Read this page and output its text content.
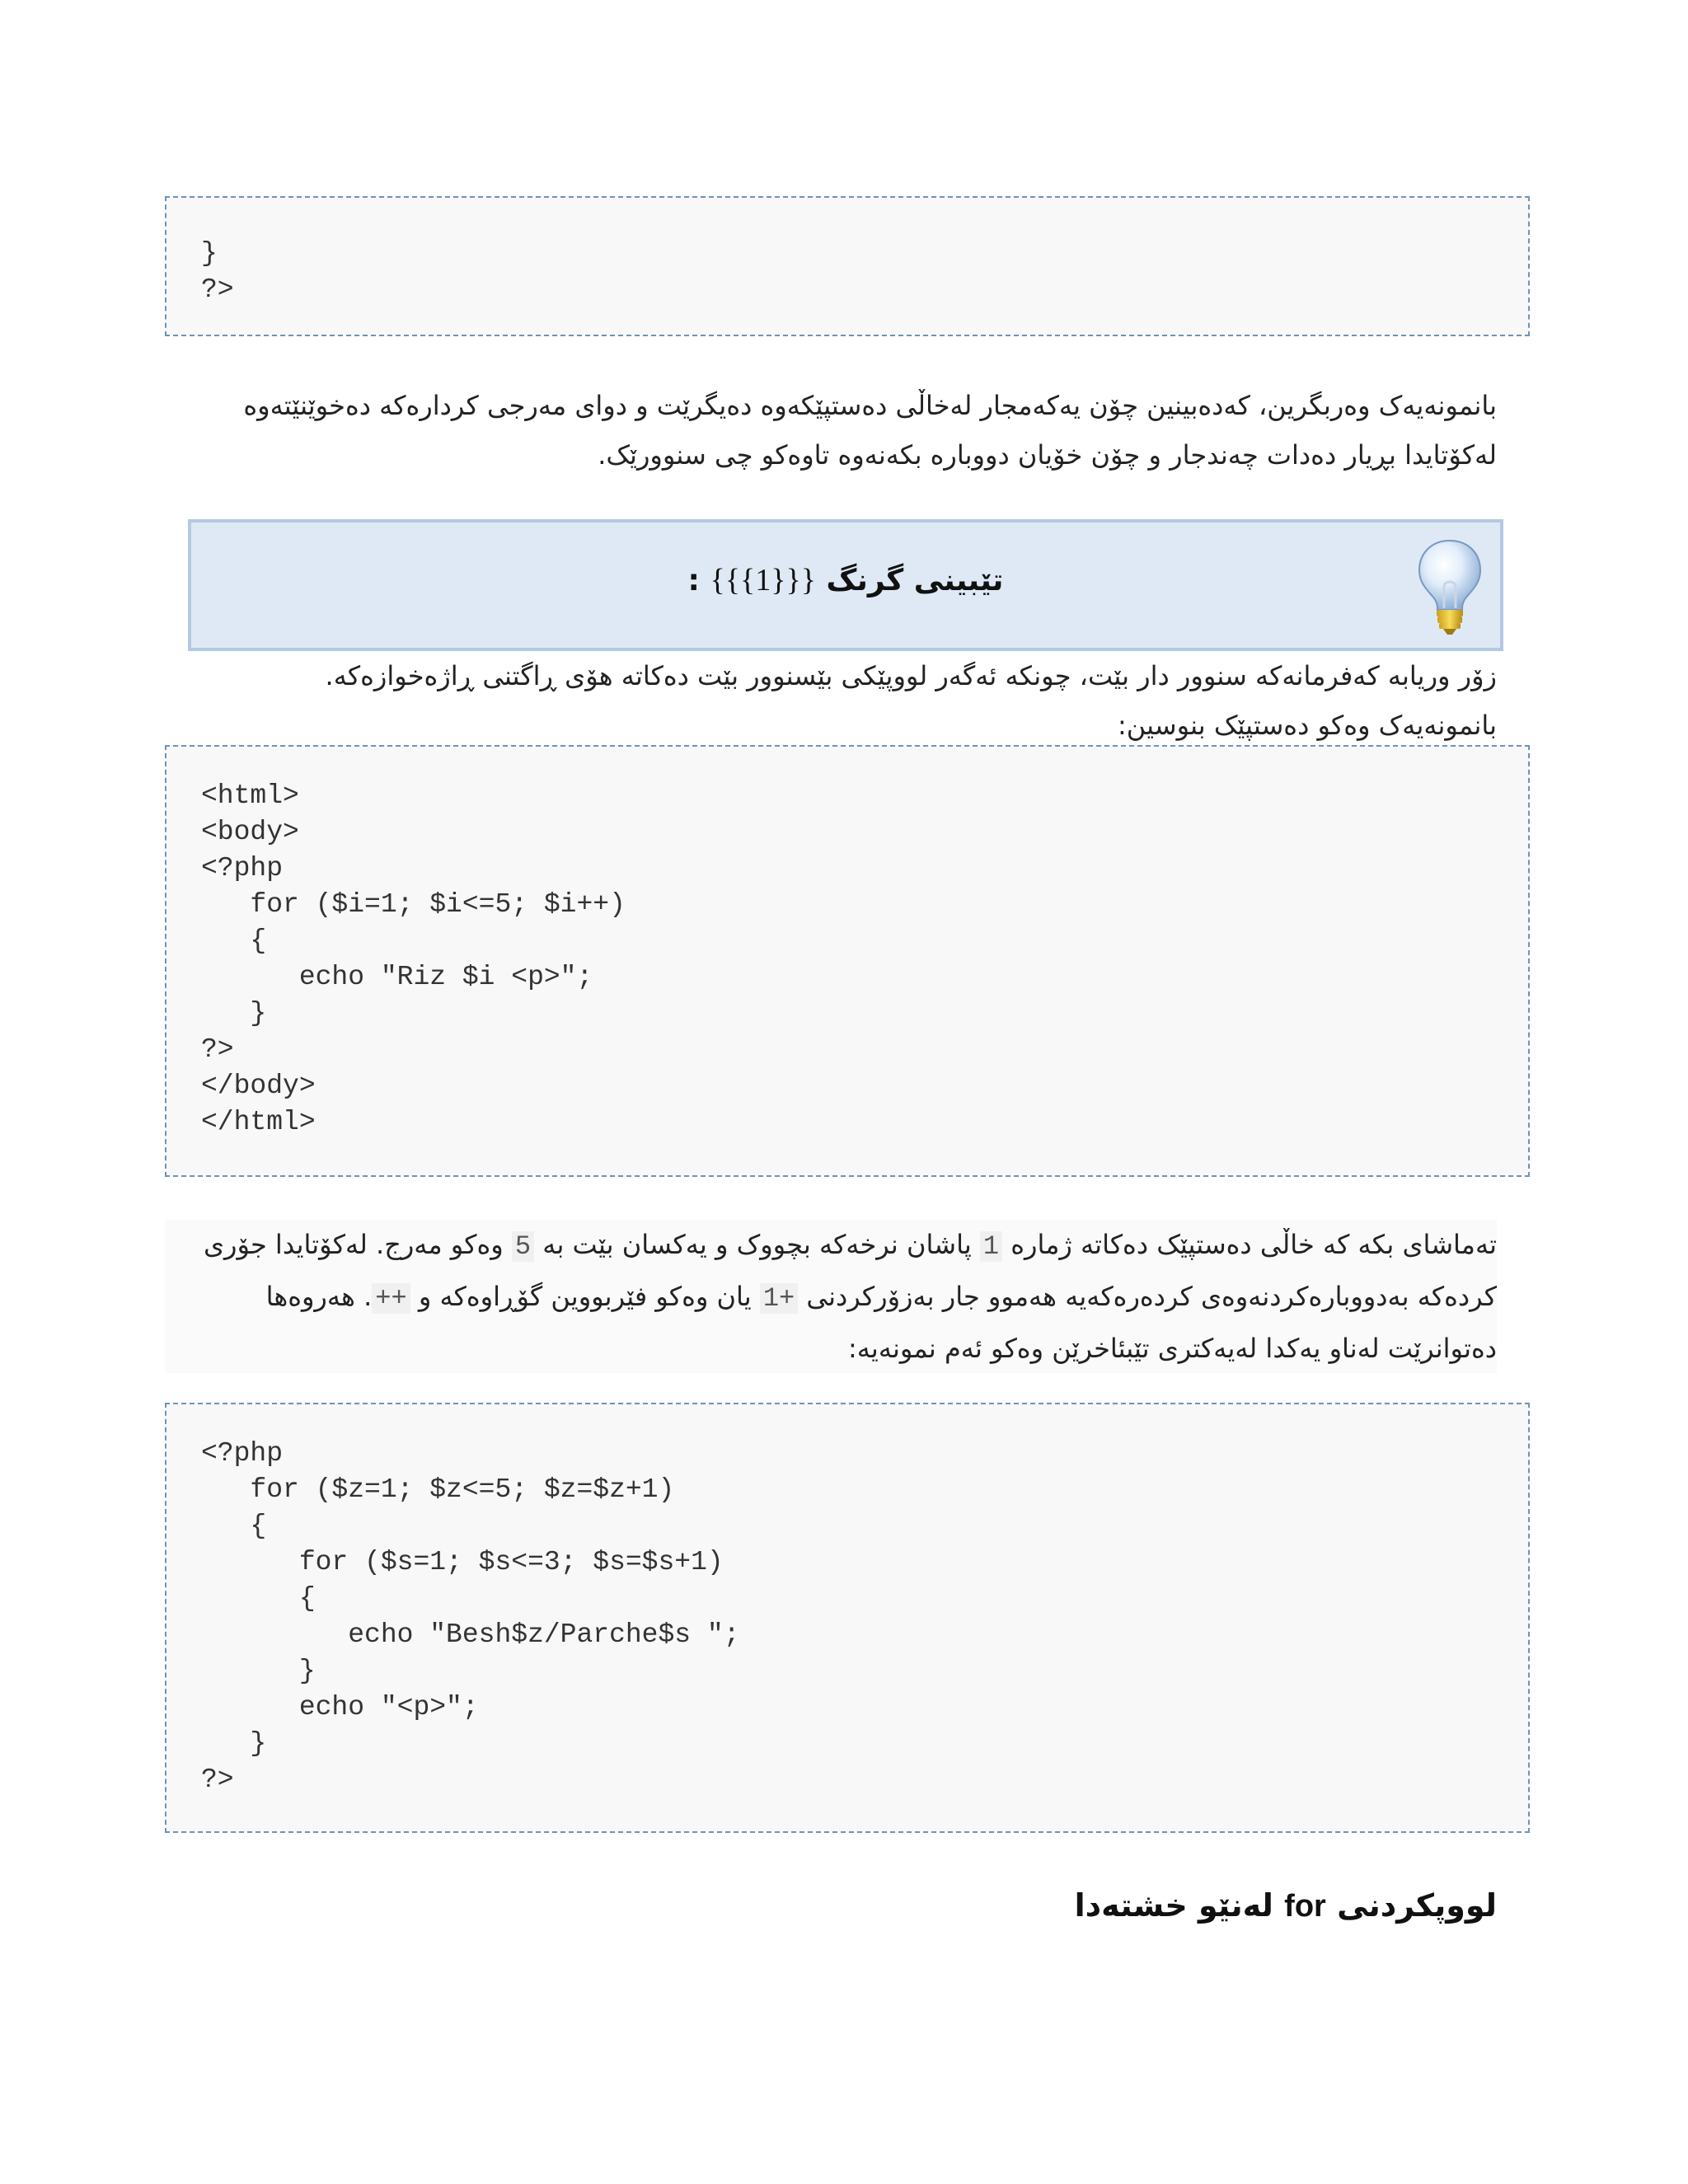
}
?>
بانمونەیەک وەربگرین، کەدەبینین چۆن یەکەمجار لەخاڵی دەستپێکەوە دەیگرێت و دوای مەرجی کردارەکە دەخوێنێتەوە
لەکۆتایدا بڕیار دەدات چەندجار و چۆن خۆیان دووبارە بکەنەوە تاوەکو چی سنوورێک.
تێبینی گرنگ {{{1}}} :
زۆر وریابە کەفرمانەکە سنوور دار بێت، چونکە ئەگەر لووپێکی بێسنوور بێت دەکاتە هۆی ڕاگتنی ڕاژەخوازەکە.
بانمونەیەک وەکو دەستپێک بنوسین:
<html>
<body>
<?php
for ($i=1; $i<=5; $i++)
{
echo "Riz $i <p>";
}
?>
</body>
</html>
تەماشای بکە کە خاڵی دەستپێک دەکاتە ژمارە 1 پاشان نرخەکە بچووک و یەکسان بێت بە 5 وەکو مەرج. لەکۆتایدا جۆری
کردەکە بەدووبارەکردنەوەی کردەرەکەیە هەموو جار بەزۆرکردنی +1 یان وەکو فێربووین گۆڕاوەکە و ++. هەروەها
دەتوانرێت لەناو یەکدا لەیەکتری تێبئاخرێن وەکو ئەم نمونەیە:
<?php
for ($z=1; $z<=5; $z=$z+1)
{
for ($s=1; $s<=3; $s=$s+1)
{
echo "Besh$z/Parche$s ";
}
echo "<p>";
}
?>
لووپکردنی for لەنێو خشتەدا
